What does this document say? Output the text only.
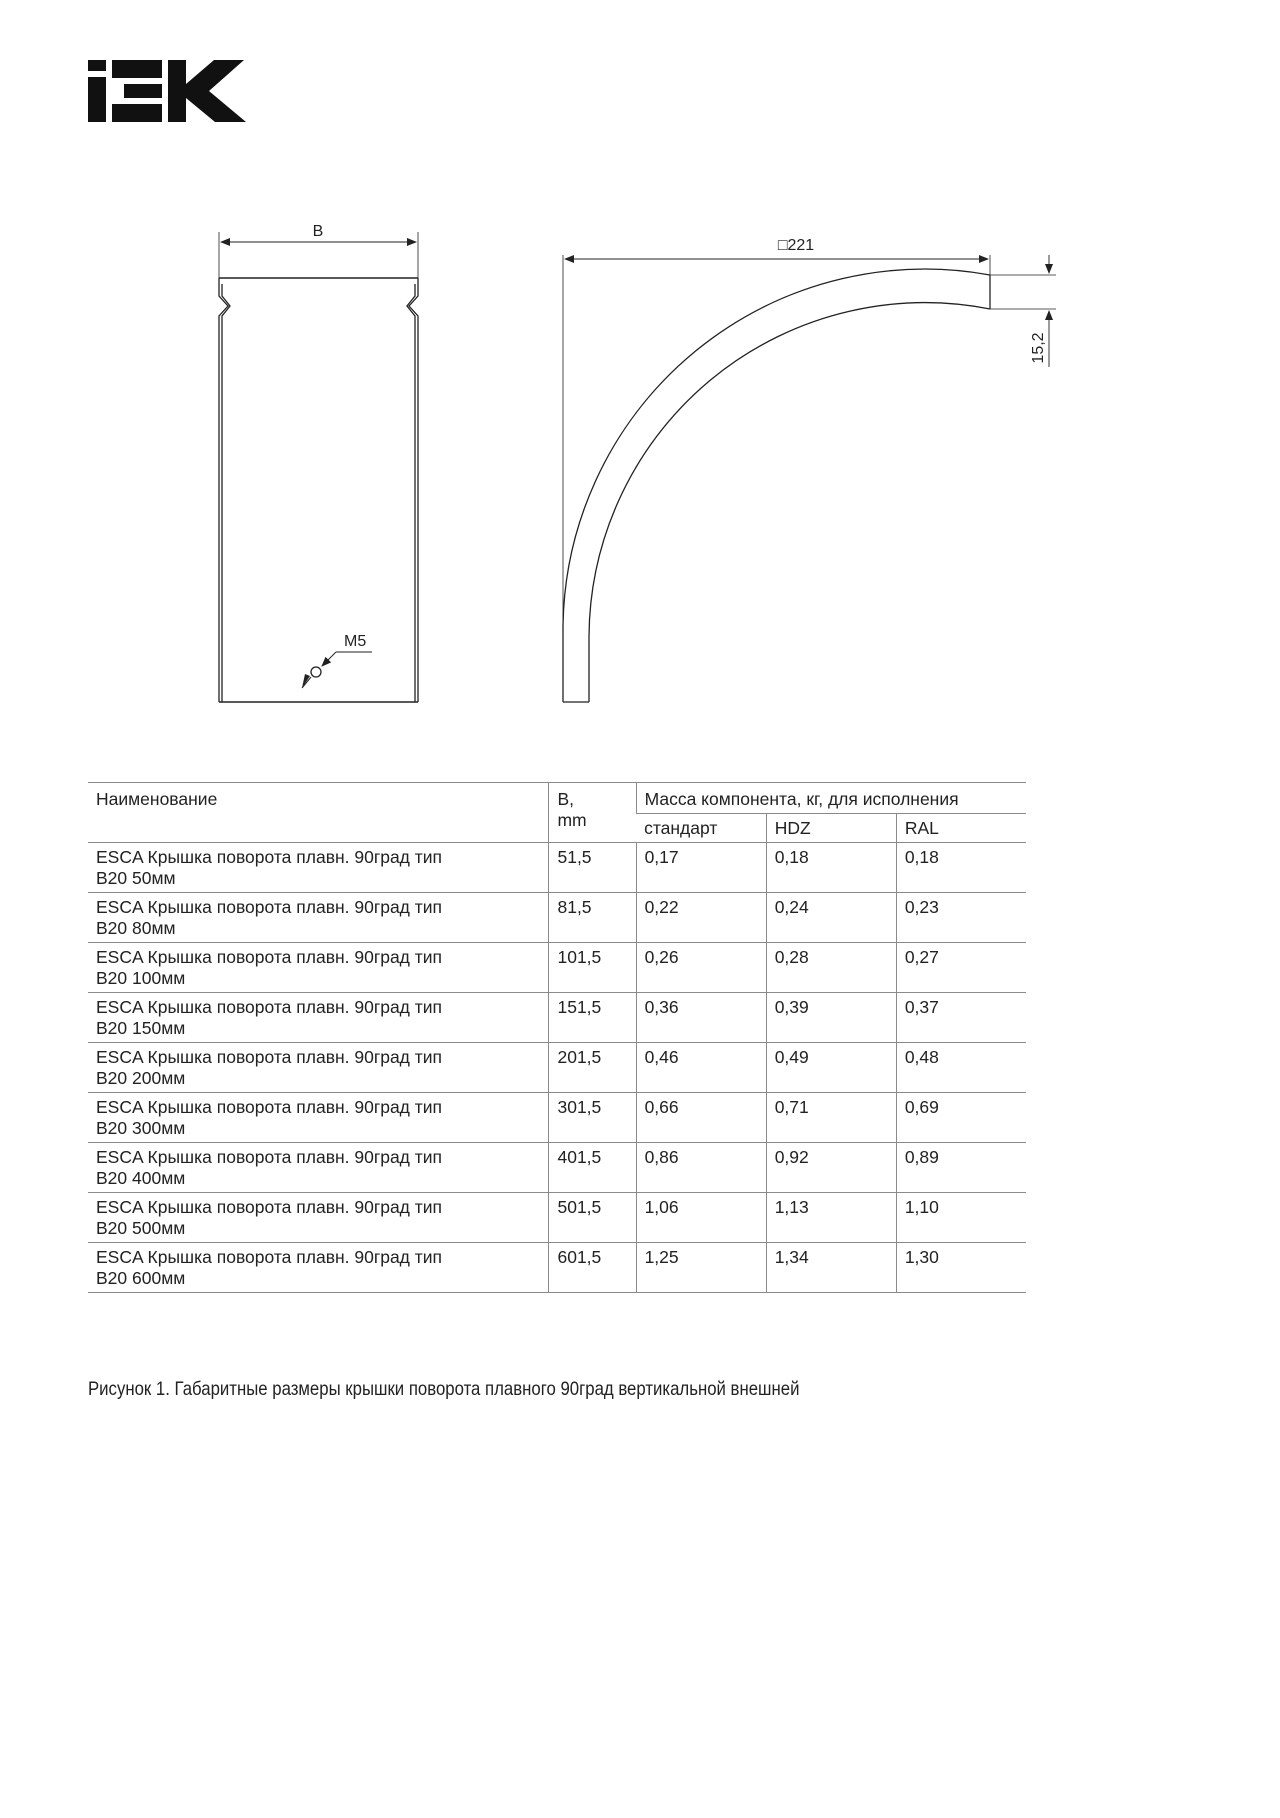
B
M5
□221
15,2
Наименование	B,
mm	Масса компонента, кг, для исполнения		
		стандарт	HDZ	RAL

ESCA Крышка поворота плавн. 90град тип
B20 50мм	51,5	0,17	0,18	0,18

ESCA Крышка поворота плавн. 90град тип
B20 80мм	81,5	0,22	0,24	0,23

ESCA Крышка поворота плавн. 90град тип
B20 100мм	101,5	0,26	0,28	0,27

ESCA Крышка поворота плавн. 90град тип
B20 150мм	151,5	0,36	0,39	0,37

ESCA Крышка поворота плавн. 90град тип
B20 200мм	201,5	0,46	0,49	0,48

ESCA Крышка поворота плавн. 90град тип
B20 300мм	301,5	0,66	0,71	0,69

ESCA Крышка поворота плавн. 90град тип
B20 400мм	401,5	0,86	0,92	0,89

ESCA Крышка поворота плавн. 90град тип
B20 500мм	501,5	1,06	1,13	1,10

ESCA Крышка поворота плавн. 90град тип
B20 600мм	601,5	1,25	1,34	1,30
Рисунок 1. Габаритные размеры крышки поворота плавного 90град вертикальной внешней
